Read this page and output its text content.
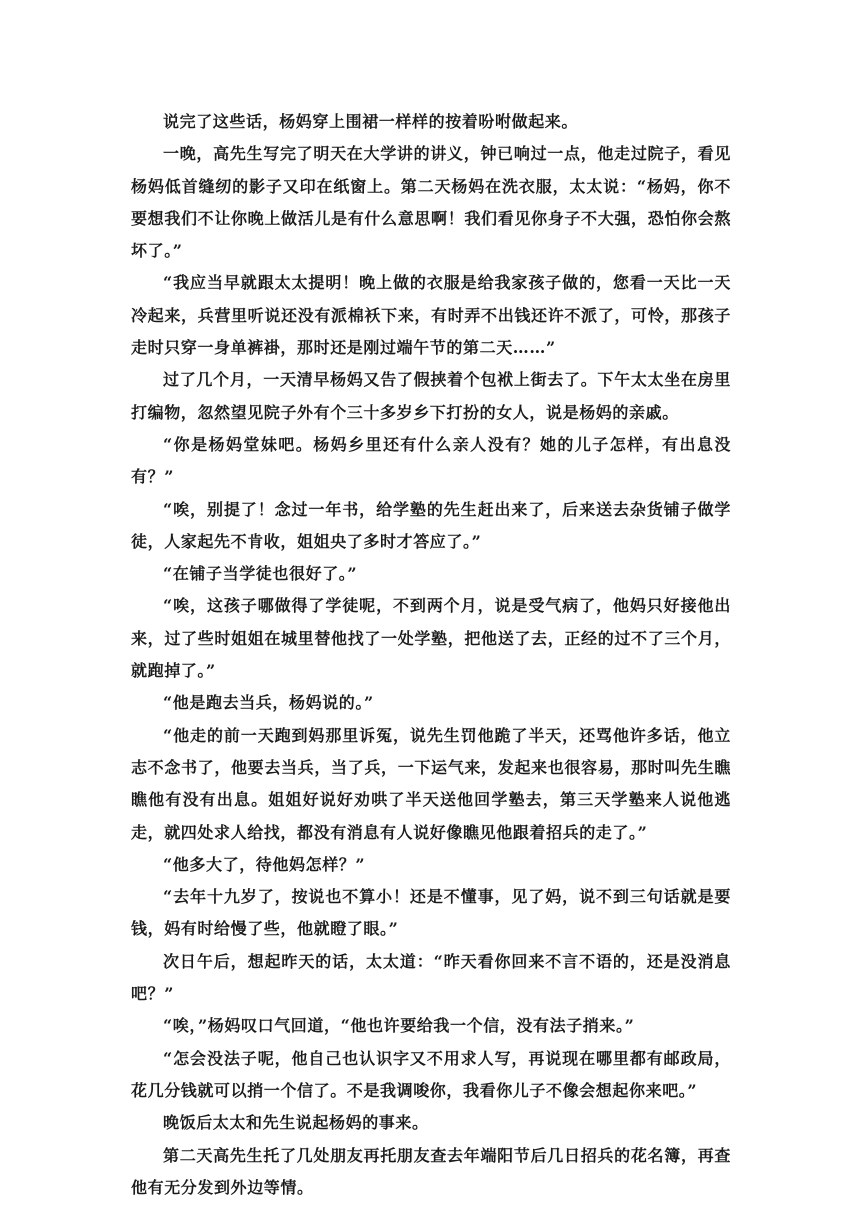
说完了这些话，杨妈穿上围裙一样样的按着吩咐做起来。

一晚，高先生写完了明天在大学讲的讲义，钟已响过一点，他走过院子，看见杨妈低首缝纫的影子又印在纸窗上。第二天杨妈在洗衣服，太太说：“杨妈，你不要想我们不让你晚上做活儿是有什么意思啊！我们看见你身子不大强，恐怕你会熬坏了。”

“我应当早就跟太太提明！晚上做的衣服是给我家孩子做的，您看一天比一天冷起来，兵营里听说还没有派棉袄下来，有时弄不出钱还许不派了，可怜，那孩子走时只穿一身单裤褂，那时还是刚过端午节的第二天……”

过了几个月，一天清早杨妈又告了假挟着个包袱上街去了。下午太太坐在房里打编物，忽然望见院子外有个三十多岁乡下打扮的女人，说是杨妈的亲戚。

“你是杨妈堂妹吧。杨妈乡里还有什么亲人没有？她的儿子怎样，有出息没有？”

“唉，别提了！念过一年书，给学塾的先生赶出来了，后来送去杂货铺子做学徒，人家起先不肯收，姐姐央了多时才答应了。”

“在铺子当学徒也很好了。”

“唉，这孩子哪做得了学徒呢，不到两个月，说是受气病了，他妈只好接他出来，过了些时姐姐在城里替他找了一处学塾，把他送了去，正经的过不了三个月，就跑掉了。”

“他是跑去当兵，杨妈说的。”

“他走的前一天跑到妈那里诉冤，说先生罚他跪了半天，还骂他许多话，他立志不念书了，他要去当兵，当了兵，一下运气来，发起来也很容易，那时叫先生瞧瞧他有没有出息。姐姐好说好劝哄了半天送他回学塾去，第三天学塾来人说他逃走，就四处求人给找，都没有消息有人说好像瞧见他跟着招兵的走了。”

“他多大了，待他妈怎样？”

“去年十九岁了，按说也不算小！还是不懂事，见了妈，说不到三句话就是要钱，妈有时给慢了些，他就瞪了眼。”

次日午后，想起昨天的话，太太道：“昨天看你回来不言不语的，还是没消息吧？”

“唉，”杨妈叹口气回道，“他也许要给我一个信，没有法子捎来。”

“怎会没法子呢，他自己也认识字又不用求人写，再说现在哪里都有邮政局，花几分钱就可以捎一个信了。不是我调唆你，我看你儿子不像会想起你来吧。”

晚饭后太太和先生说起杨妈的事来。

第二天高先生托了几处朋友再托朋友查去年端阳节后几日招兵的花名簿，再查他有无分发到外边等情。
